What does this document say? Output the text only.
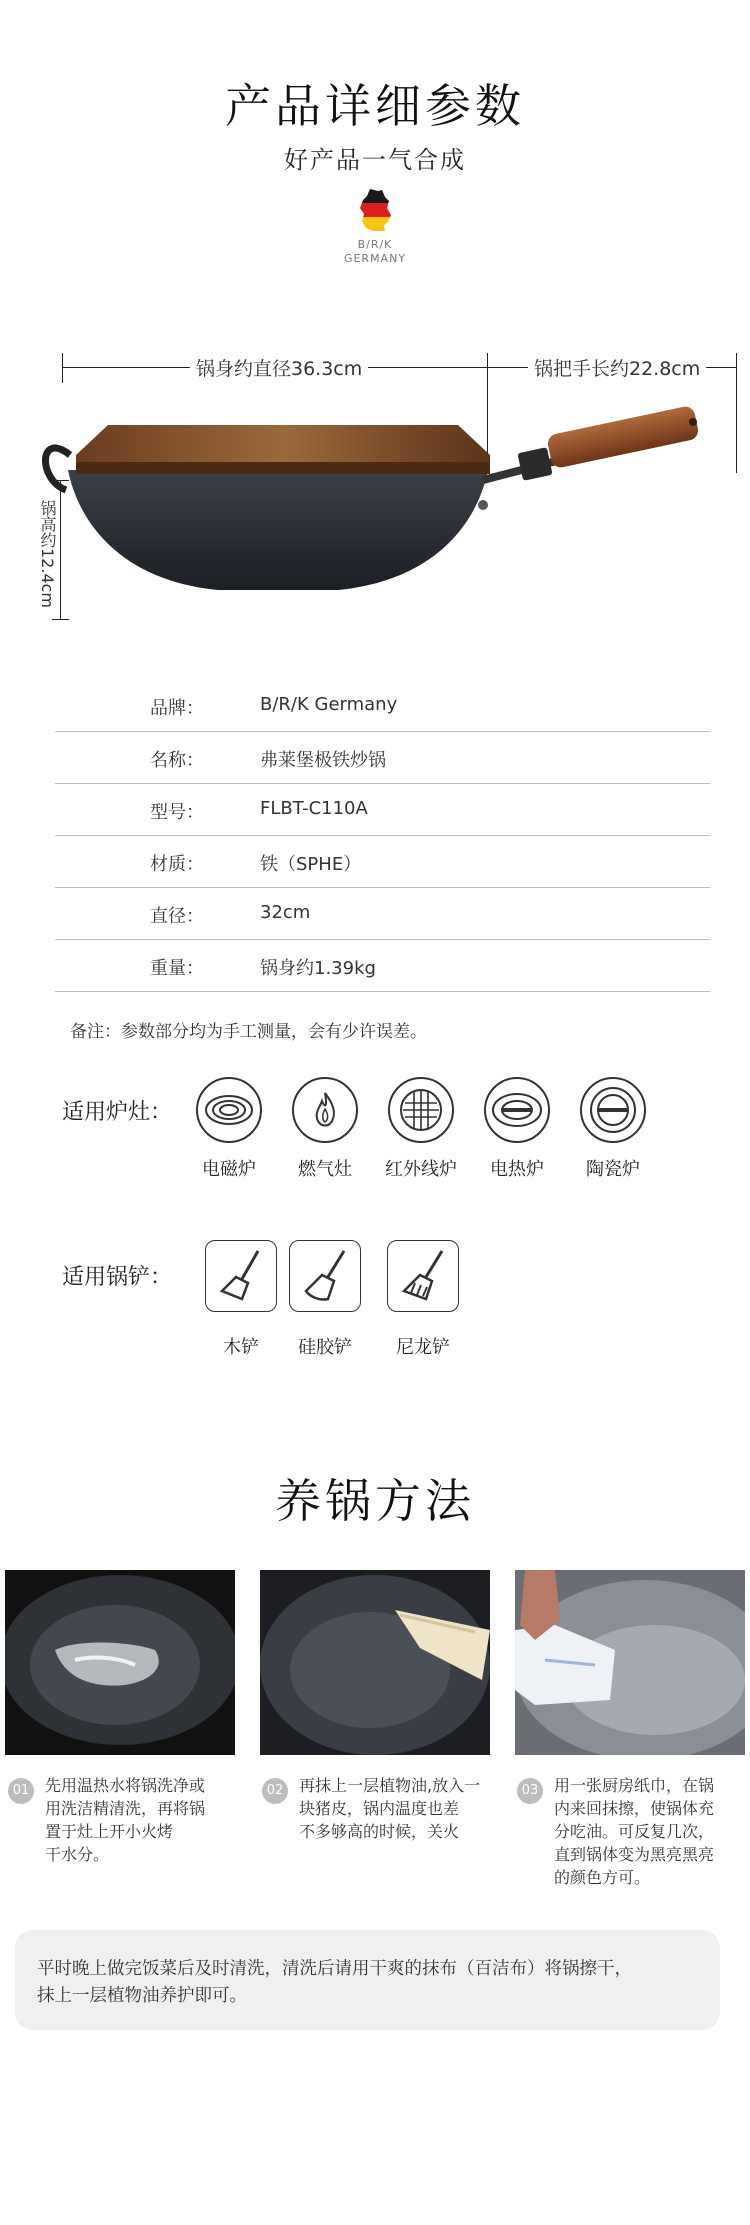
产品详细参数
好产品一气合成
B/R/K
GERMANY
锅身约直径36.3cm	锅把手长约22.8cm
锅高约12.4cm
品牌：	B/R/K Germany
名称：	弗莱堡极铁炒锅
型号：	FLBT-C110A
材质：	铁（SPHE）
直径：	32cm
重量：	锅身约1.39kg
备注：参数部分均为手工测量，会有少许误差。
适用炉灶：
电磁炉	燃气灶	红外线炉	电热炉	陶瓷炉
适用锅铲：
木铲	硅胶铲	尼龙铲
养锅方法
01 先用温热水将锅洗净或
用洗洁精清洗，再将锅
置于灶上开小火烤
干水分。
02 再抹上一层植物油,放入一
块猪皮，锅内温度也差
不多够高的时候，关火
03 用一张厨房纸巾，在锅
内来回抹擦，使锅体充
分吃油。可反复几次，
直到锅体变为黑亮黑亮
的颜色方可。
平时晚上做完饭菜后及时清洗，清洗后请用干爽的抹布（百洁布）将锅擦干，
抹上一层植物油养护即可。
